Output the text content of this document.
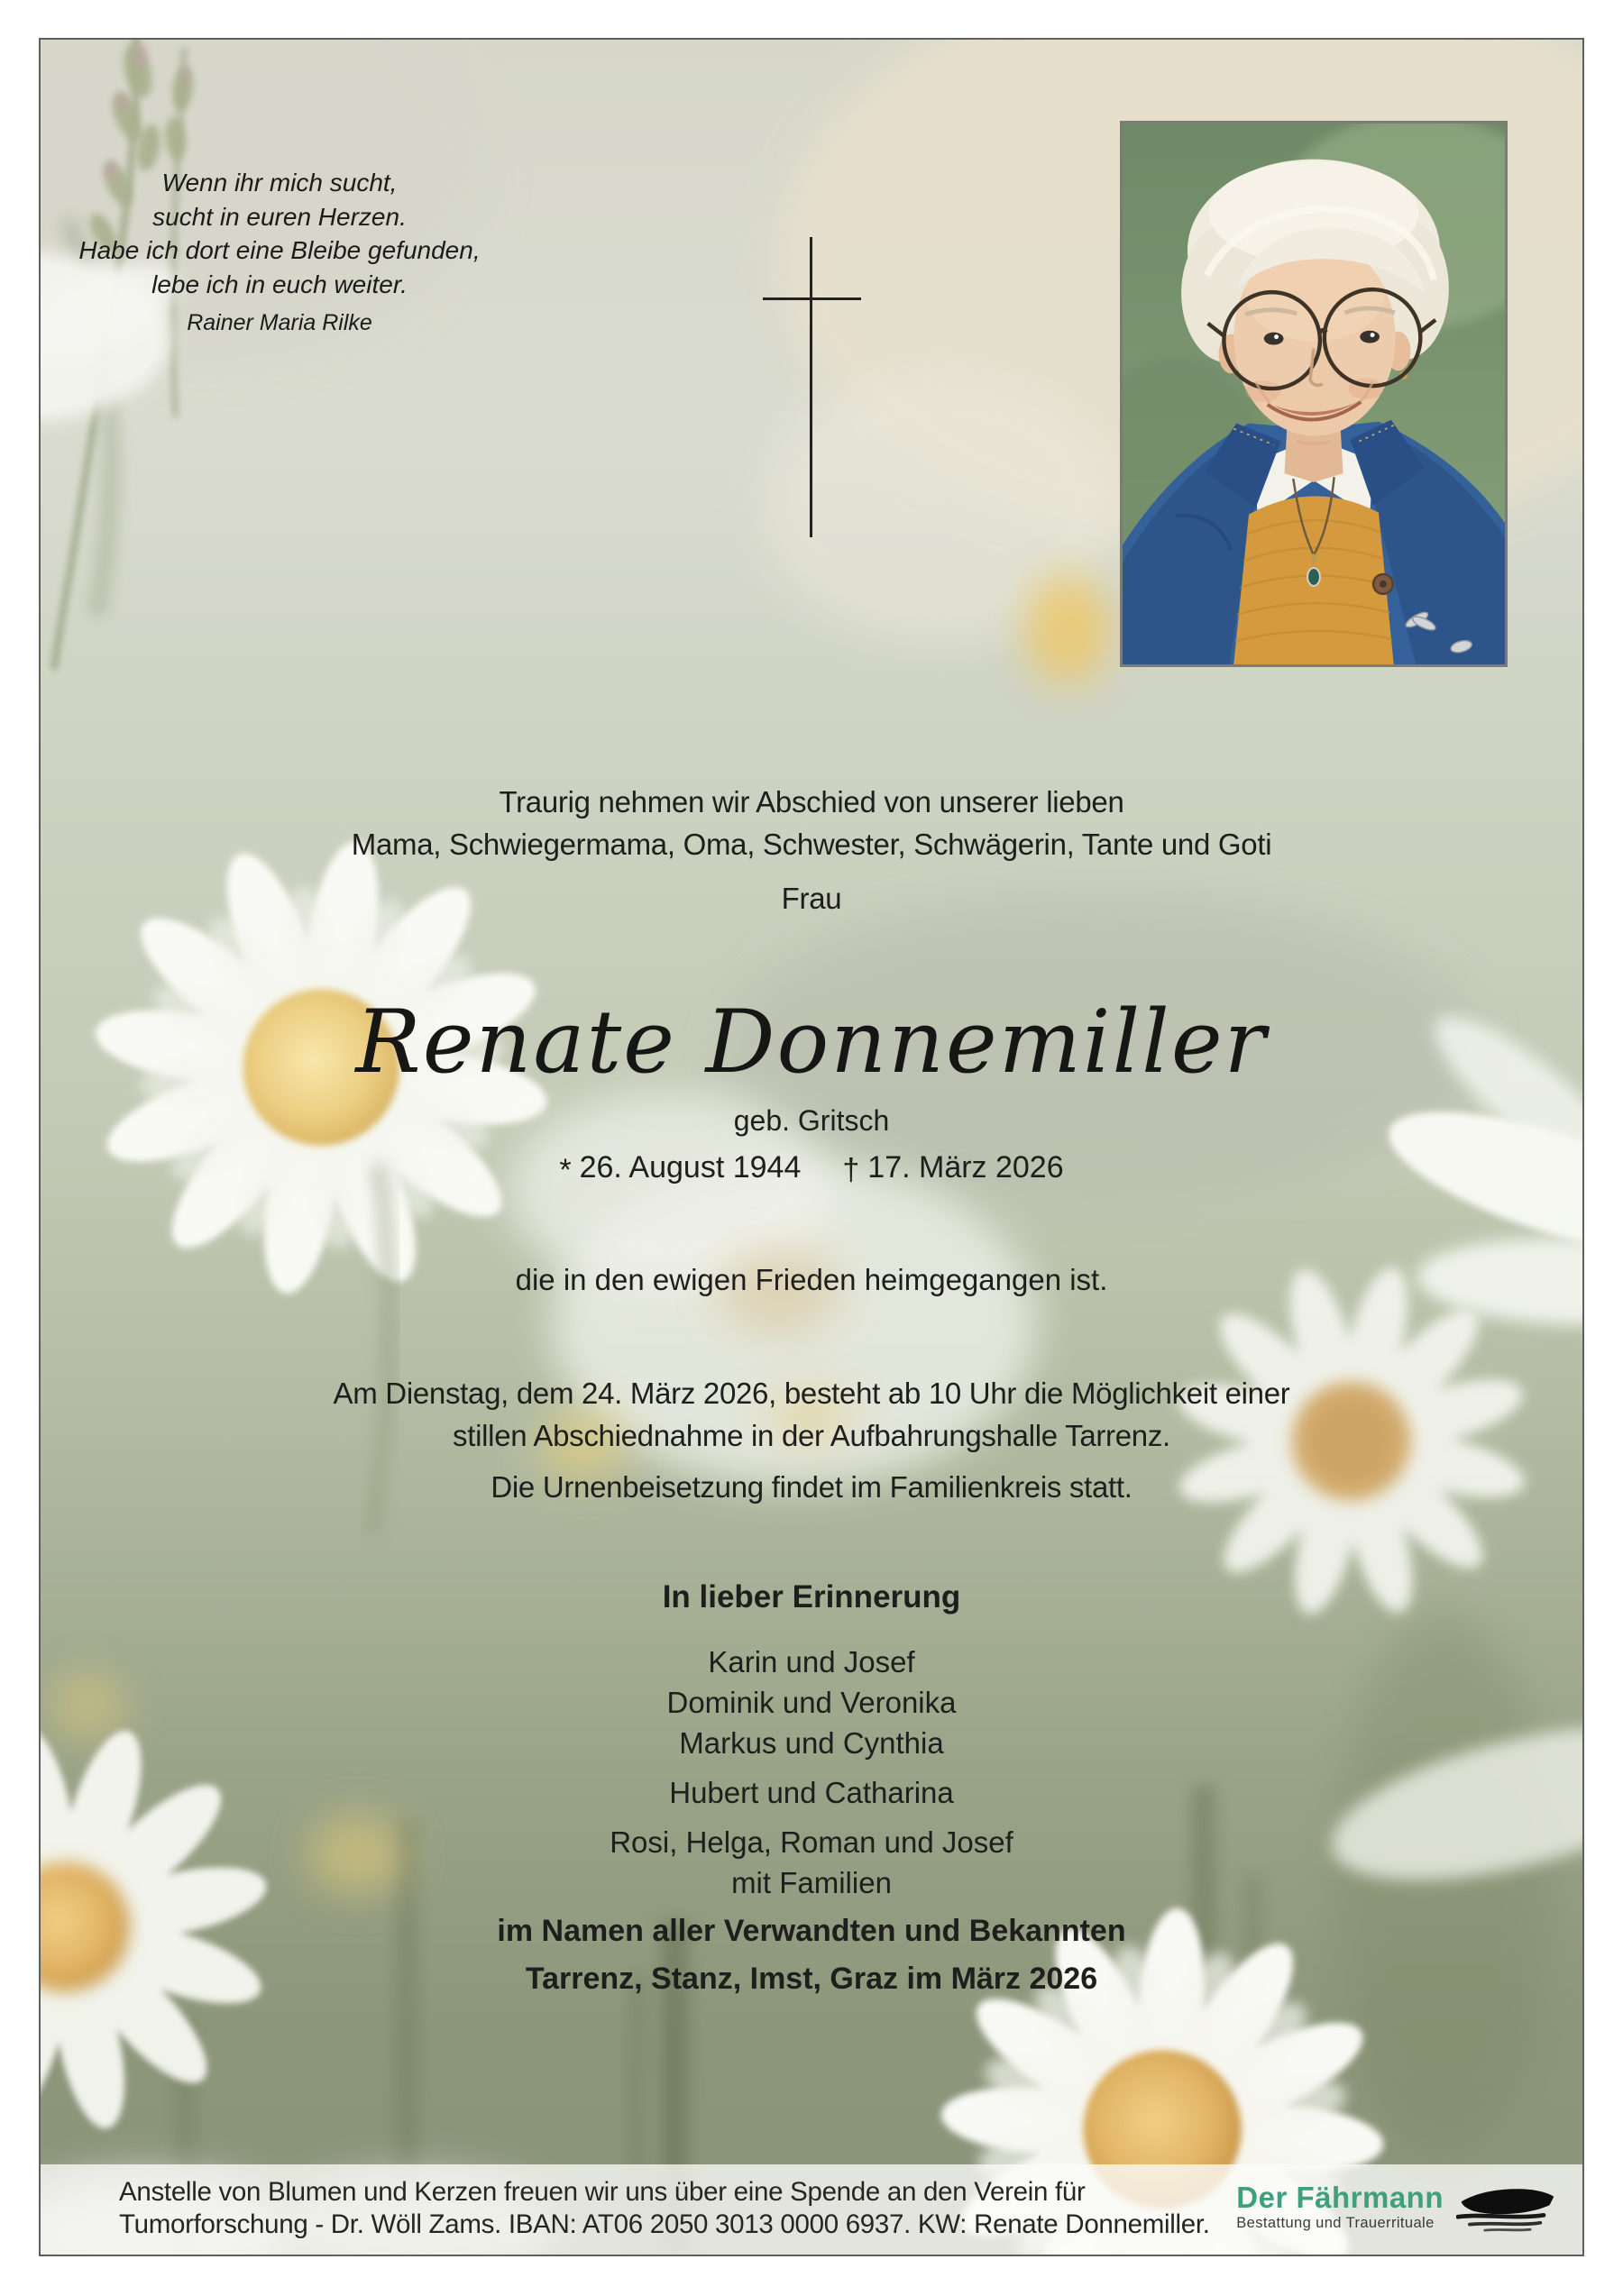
Anstelle von Blumen und Kerzen freuen wir uns über eine Spende an den Verein für
Tumorforschung - Dr. Wöll Zams. IBAN: AT06 2050 3013 0000 6937. KW: Renate Donnemiller.
Der Fährmann
Bestattung und Trauerrituale
Wenn ihr mich sucht,
sucht in euren Herzen.
Habe ich dort eine Bleibe gefunden,
lebe ich in euch weiter.
Rainer Maria Rilke
Traurig nehmen wir Abschied von unserer lieben
Mama, Schwiegermama, Oma, Schwester, Schwägerin, Tante und Goti
Frau
Renate Donnemiller
geb. Gritsch
* 26. August 1944 † 17. März 2026
die in den ewigen Frieden heimgegangen ist.
Am Dienstag, dem 24. März 2026, besteht ab 10 Uhr die Möglichkeit einer
stillen Abschiednahme in der Aufbahrungshalle Tarrenz.
Die Urnenbeisetzung findet im Familienkreis statt.
In lieber Erinnerung
Karin und Josef
Dominik und Veronika
Markus und Cynthia
Hubert und Catharina
Rosi, Helga, Roman und Josef
mit Familien
im Namen aller Verwandten und Bekannten
Tarrenz, Stanz, Imst, Graz im März 2026
